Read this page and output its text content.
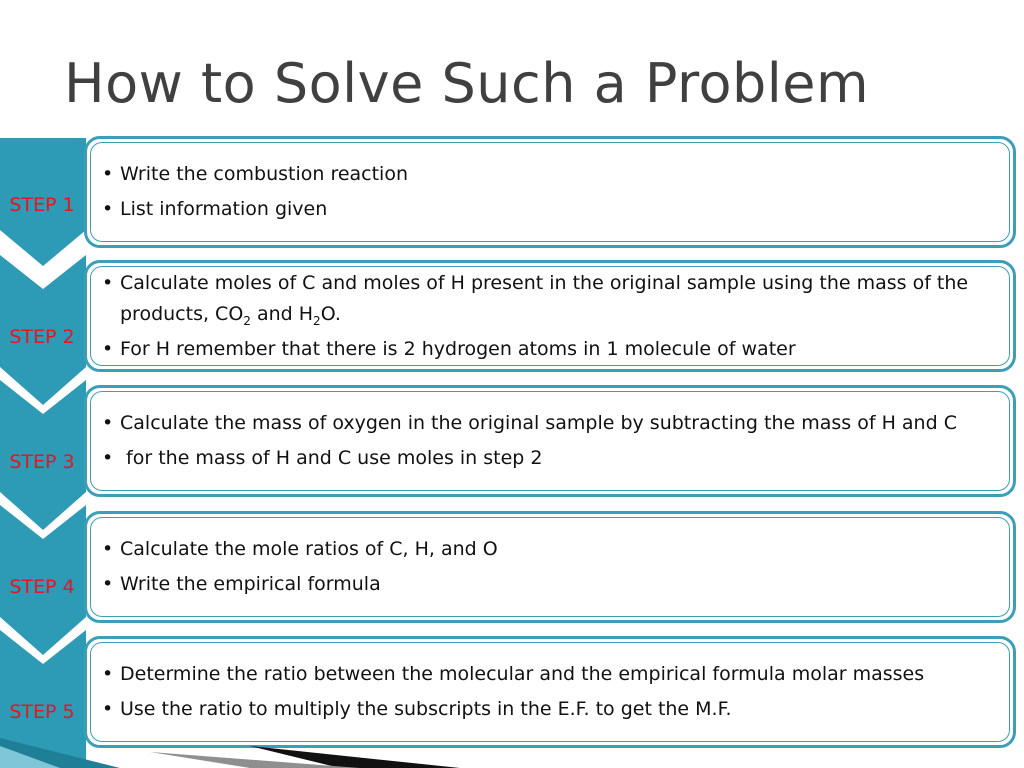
How to Solve Such a Problem
STEP 1
• Write the combustion reaction
• List information given
STEP 2
• Calculate moles of C and moles of H present in the original sample using the mass of the products, $CO_2$ and $H_2O$.
• For H remember that there is 2 hydrogen atoms in 1 molecule of water
STEP 3
• Calculate the mass of oxygen in the original sample by subtracting the mass of H and C
• for the mass of H and C use moles in step 2
STEP 4
• Calculate the mole ratios of C, H, and O
• Write the empirical formula
STEP 5
• Determine the ratio between the molecular and the empirical formula molar masses
• Use the ratio to multiply the subscripts in the E.F. to get the M.F.
